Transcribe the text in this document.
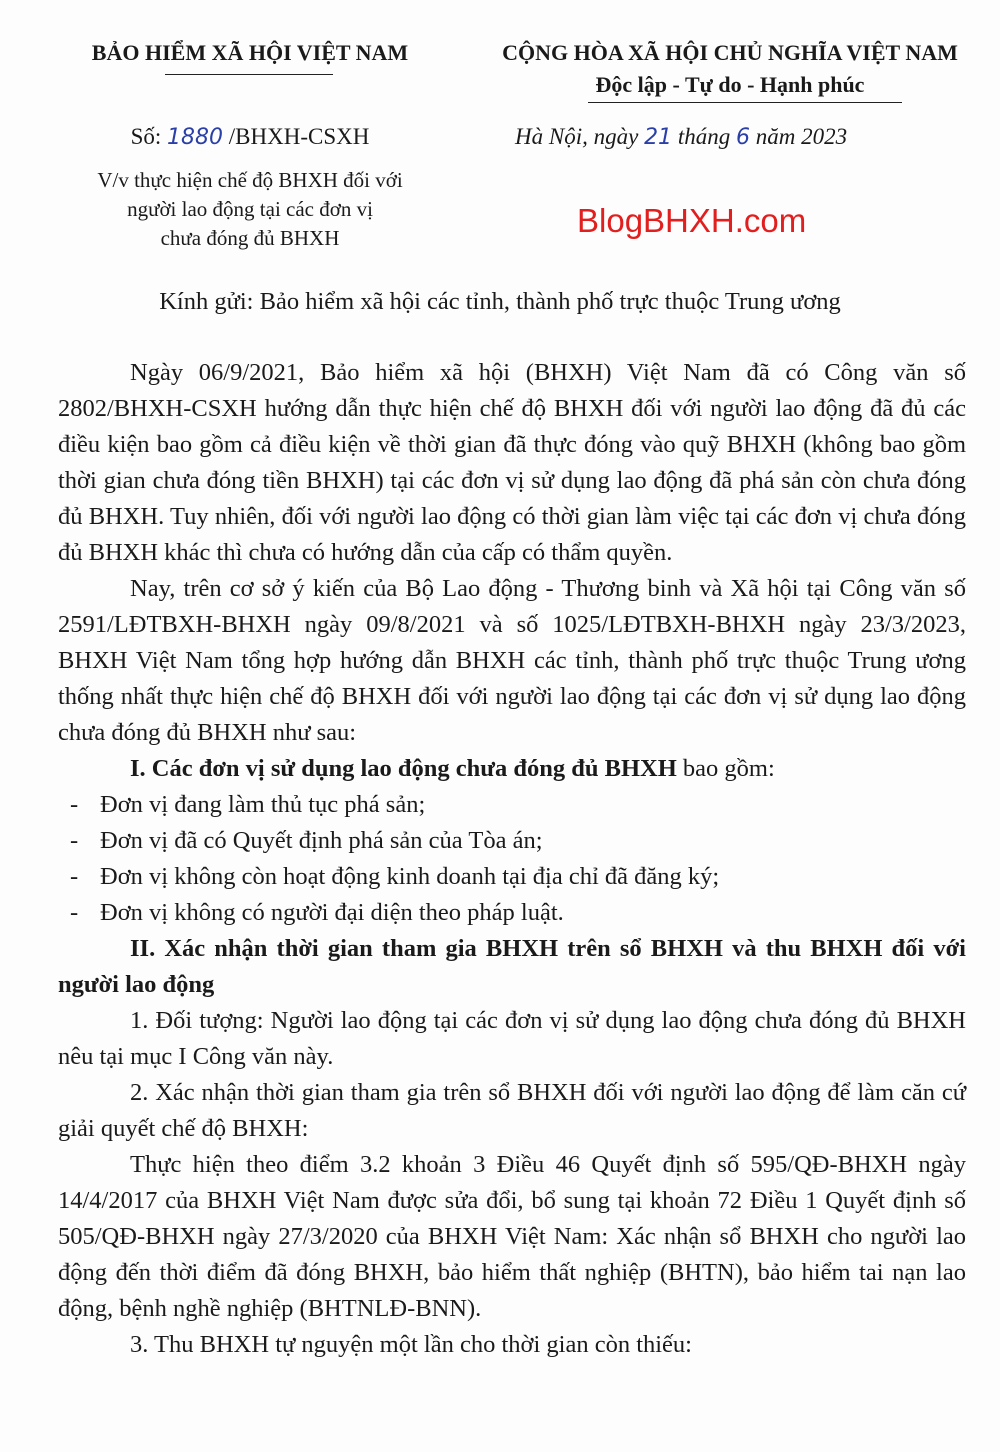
BẢO HIỂM XÃ HỘI VIỆT NAM
Số: 1880 /BHXH-CSXH
V/v thực hiện chế độ BHXH đối với
người lao động tại các đơn vị
chưa đóng đủ BHXH
CỘNG HÒA XÃ HỘI CHỦ NGHĨA VIỆT NAM
Độc lập - Tự do - Hạnh phúc
Hà Nội, ngày 21 tháng 6 năm 2023
BlogBHXH.com
Kính gửi: Bảo hiểm xã hội các tỉnh, thành phố trực thuộc Trung ương

Ngày 06/9/2021, Bảo hiểm xã hội (BHXH) Việt Nam đã có Công văn số 2802/BHXH-CSXH hướng dẫn thực hiện chế độ BHXH đối với người lao động đã đủ các điều kiện bao gồm cả điều kiện về thời gian đã thực đóng vào quỹ BHXH (không bao gồm thời gian chưa đóng tiền BHXH) tại các đơn vị sử dụng lao động đã phá sản còn chưa đóng đủ BHXH. Tuy nhiên, đối với người lao động có thời gian làm việc tại các đơn vị chưa đóng đủ BHXH khác thì chưa có hướng dẫn của cấp có thẩm quyền.

Nay, trên cơ sở ý kiến của Bộ Lao động - Thương binh và Xã hội tại Công văn số 2591/LĐTBXH-BHXH ngày 09/8/2021 và số 1025/LĐTBXH-BHXH ngày 23/3/2023, BHXH Việt Nam tổng hợp hướng dẫn BHXH các tỉnh, thành phố trực thuộc Trung ương thống nhất thực hiện chế độ BHXH đối với người lao động tại các đơn vị sử dụng lao động chưa đóng đủ BHXH như sau:

I. Các đơn vị sử dụng lao động chưa đóng đủ BHXH bao gồm:

- Đơn vị đang làm thủ tục phá sản;

- Đơn vị đã có Quyết định phá sản của Tòa án;

- Đơn vị không còn hoạt động kinh doanh tại địa chỉ đã đăng ký;

- Đơn vị không có người đại diện theo pháp luật.

II. Xác nhận thời gian tham gia BHXH trên sổ BHXH và thu BHXH đối với người lao động

1. Đối tượng: Người lao động tại các đơn vị sử dụng lao động chưa đóng đủ BHXH nêu tại mục I Công văn này.

2. Xác nhận thời gian tham gia trên sổ BHXH đối với người lao động để làm căn cứ giải quyết chế độ BHXH:

Thực hiện theo điểm 3.2 khoản 3 Điều 46 Quyết định số 595/QĐ-BHXH ngày 14/4/2017 của BHXH Việt Nam được sửa đổi, bổ sung tại khoản 72 Điều 1 Quyết định số 505/QĐ-BHXH ngày 27/3/2020 của BHXH Việt Nam: Xác nhận sổ BHXH cho người lao động đến thời điểm đã đóng BHXH, bảo hiểm thất nghiệp (BHTN), bảo hiểm tai nạn lao động, bệnh nghề nghiệp (BHTNLĐ-BNN).

3. Thu BHXH tự nguyện một lần cho thời gian còn thiếu:
